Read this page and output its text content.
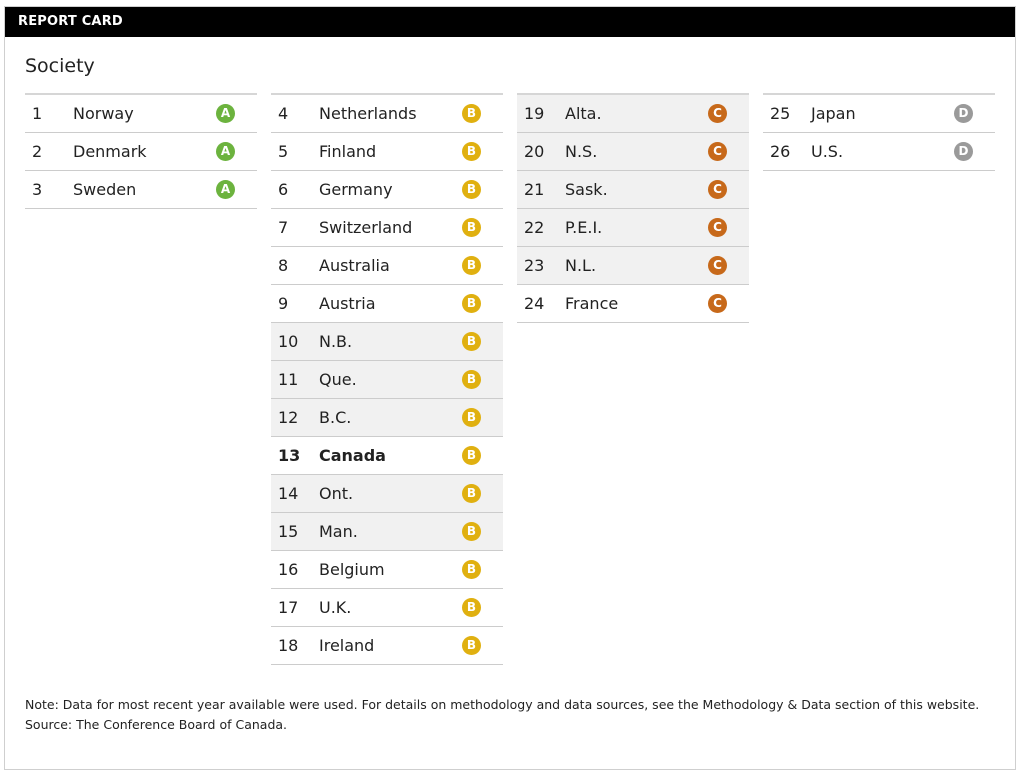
REPORT CARD
Society
1 Norway	A
2 Denmark	A
3 Sweden	A
4 Netherlands	B
5 Finland	B
6 Germany	B
7 Switzerland	B
8 Australia	B
9 Austria	B
10 N.B.	B
11 Que.	B
12 B.C.	B
13 Canada	B
14 Ont.	B
15 Man.	B
16 Belgium	B
17 U.K.	B
18 Ireland	B
19 Alta.	C
20 N.S.	C
21 Sask.	C
22 P.E.I.	C
23 N.L.	C
24 France	C
25 Japan	D
26 U.S.	D
Note: Data for most recent year available were used. For details on methodology and data sources, see the Methodology & Data section of this website.
Source: The Conference Board of Canada.
